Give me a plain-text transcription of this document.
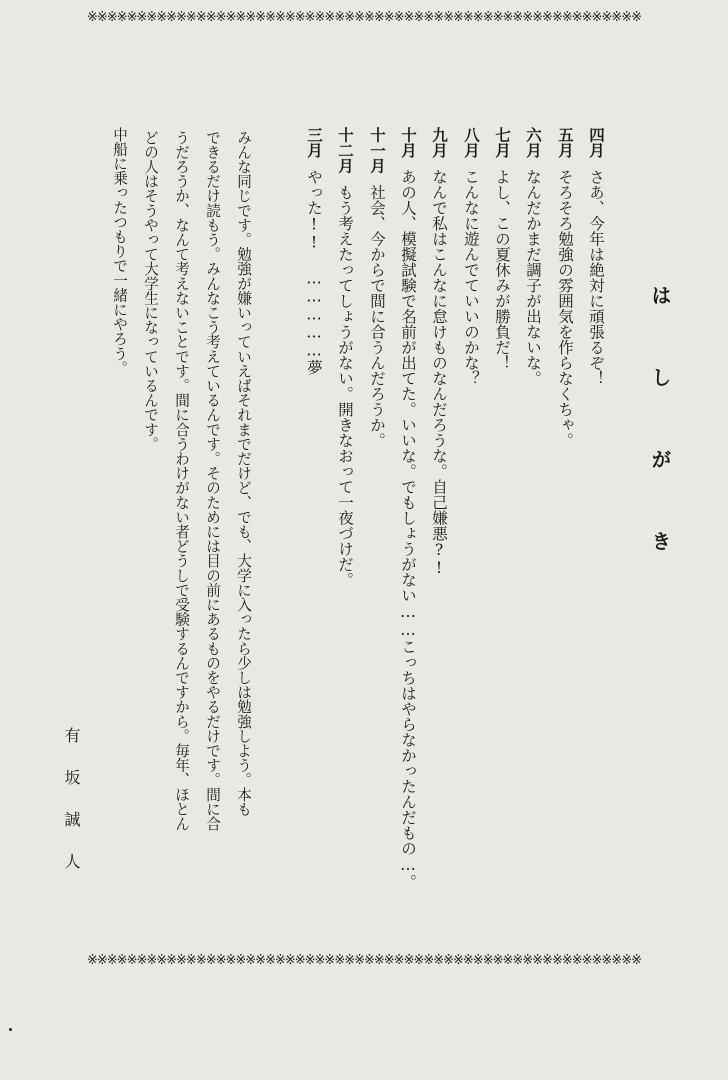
※※※※※※※※※※※※※※※※※※※※※※※※※※※※※※※※※※※※※※※※※※※※※※※※※※※※※※※※
はしがき
四月さあ、今年は絶対に頑張るぞ！
五月そろそろ勉強の雰囲気を作らなくちゃ。
六月なんだかまだ調子が出ないな。
七月よし、この夏休みが勝負だ！
八月こんなに遊んでていいのかな？
九月なんで私はこんなに怠けものなんだろうな。自己嫌悪?!
十月あの人、模擬試験で名前が出てた。いいな。でもしょうがない……こっちはやらなかったんだもの…。
十一月社会、今からで間に合うんだろうか。
十二月もう考えたってしょうがない。開きなおって一夜づけだ。
三月やった!! ……………夢
みんな同じです。勉強が嫌いっていえばそれまでだけど、でも、大学に入ったら少しは勉強しよう。本も
できるだけ読もう。みんなこう考えているんです。そのためには目の前にあるものをやるだけです。間に合
うだろうか、なんて考えないことです。間に合うわけがない者どうしで受験するんですから。毎年、ほとん
どの人はそうやって大学生になっているんです。
中船に乗ったつもりで一緒にやろう。
有坂誠人
※※※※※※※※※※※※※※※※※※※※※※※※※※※※※※※※※※※※※※※※※※※※※※※※※※※※※※※※
